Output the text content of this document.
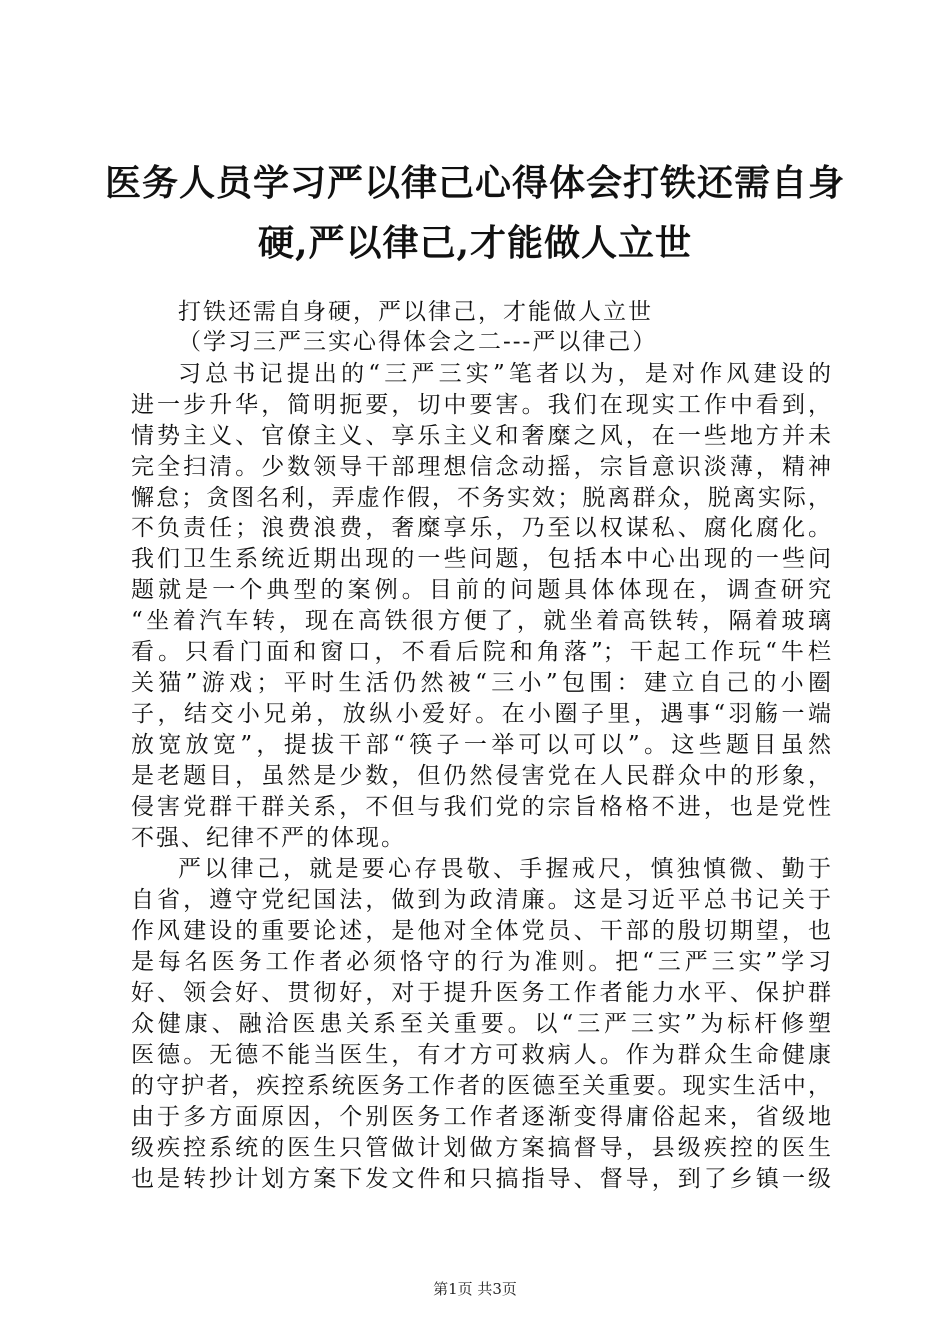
医务人员学习严以律己心得体会打铁还需自身
硬,严以律己,才能做人立世
打铁还需自身硬，严以律己，才能做人立世
（学习三严三实心得体会之二---严以律己）
习总书记提出的“三严三实”笔者以为，是对作风建设的
进一步升华，简明扼要，切中要害。我们在现实工作中看到，
情势主义、官僚主义、享乐主义和奢糜之风，在一些地方并未
完全扫清。少数领导干部理想信念动摇，宗旨意识淡薄，精神
懈怠；贪图名利，弄虚作假，不务实效；脱离群众，脱离实际，
不负责任；浪费浪费，奢糜享乐，乃至以权谋私、腐化腐化。
我们卫生系统近期出现的一些问题，包括本中心出现的一些问
题就是一个典型的案例。目前的问题具体体现在，调查研究
“坐着汽车转，现在高铁很方便了，就坐着高铁转，隔着玻璃
看。只看门面和窗口，不看后院和角落”；干起工作玩“牛栏
关猫”游戏；平时生活仍然被“三小”包围：建立自己的小圈
子，结交小兄弟，放纵小爱好。在小圈子里，遇事“羽觞一端
放宽放宽”，提拔干部“筷子一举可以可以”。这些题目虽然
是老题目，虽然是少数，但仍然侵害党在人民群众中的形象，
侵害党群干群关系，不但与我们党的宗旨格格不进，也是党性
不强、纪律不严的体现。
严以律己，就是要心存畏敬、手握戒尺，慎独慎微、勤于
自省，遵守党纪国法，做到为政清廉。这是习近平总书记关于
作风建设的重要论述，是他对全体党员、干部的殷切期望，也
是每名医务工作者必须恪守的行为准则。把“三严三实”学习
好、领会好、贯彻好，对于提升医务工作者能力水平、保护群
众健康、融洽医患关系至关重要。以“三严三实”为标杆修塑
医德。无德不能当医生，有才方可救病人。作为群众生命健康
的守护者，疾控系统医务工作者的医德至关重要。现实生活中，
由于多方面原因，个别医务工作者逐渐变得庸俗起来，省级地
级疾控系统的医生只管做计划做方案搞督导，县级疾控的医生
也是转抄计划方案下发文件和只搞指导、督导，到了乡镇一级
第1页 共3页
